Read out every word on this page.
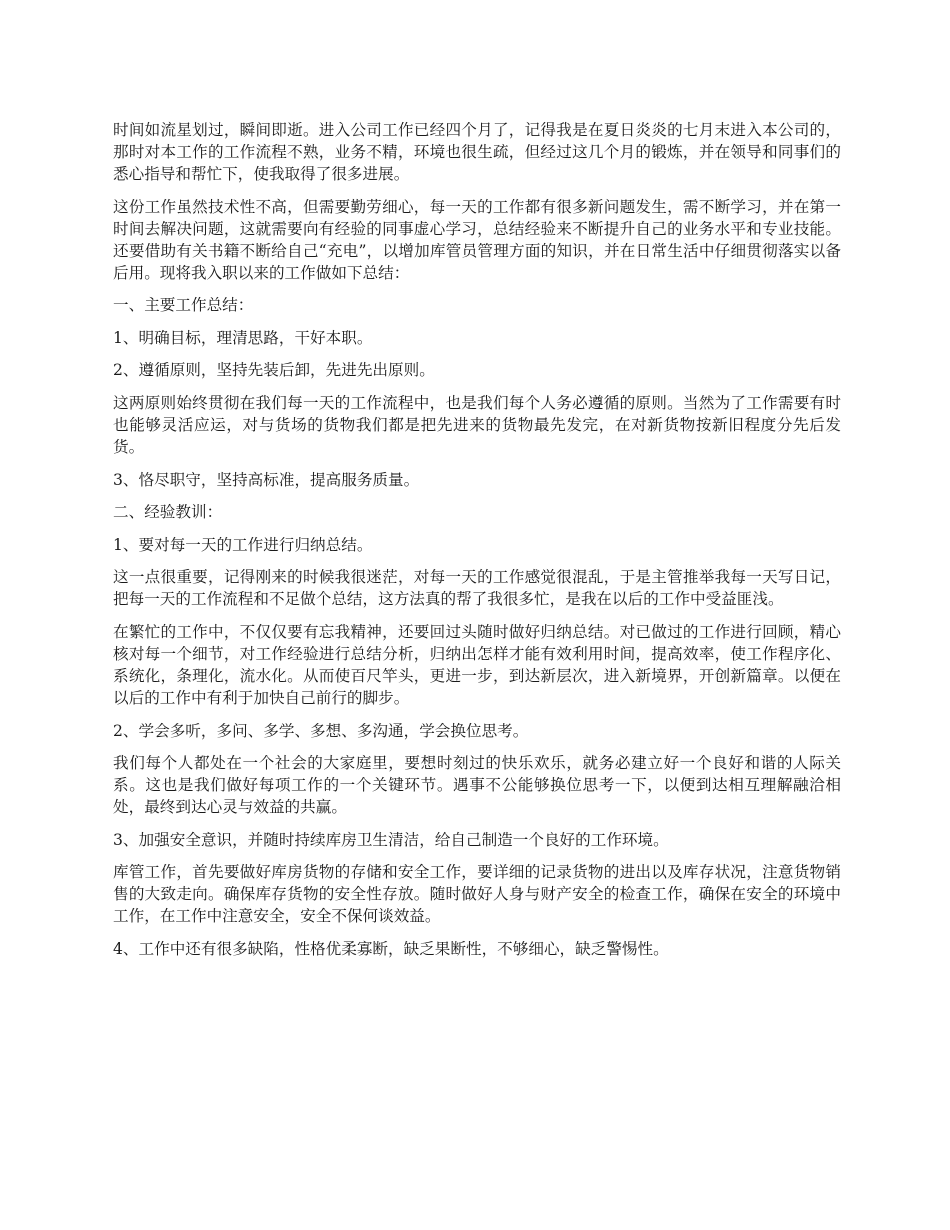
时间如流星划过，瞬间即逝。进入公司工作已经四个月了，记得我是在夏日炎炎的七月末进入本公司的，那时对本工作的工作流程不熟，业务不精，环境也很生疏，但经过这几个月的锻炼，并在领导和同事们的悉心指导和帮忙下，使我取得了很多进展。

这份工作虽然技术性不高，但需要勤劳细心，每一天的工作都有很多新问题发生，需不断学习，并在第一时间去解决问题，这就需要向有经验的同事虚心学习，总结经验来不断提升自己的业务水平和专业技能。还要借助有关书籍不断给自己“充电”，以增加库管员管理方面的知识，并在日常生活中仔细贯彻落实以备后用。现将我入职以来的工作做如下总结：

一、主要工作总结：

1、明确目标，理清思路，干好本职。

2、遵循原则，坚持先装后卸，先进先出原则。

这两原则始终贯彻在我们每一天的工作流程中，也是我们每个人务必遵循的原则。当然为了工作需要有时也能够灵活应运，对与货场的货物我们都是把先进来的货物最先发完，在对新货物按新旧程度分先后发货。

3、恪尽职守，坚持高标准，提高服务质量。

二、经验教训：

1、要对每一天的工作进行归纳总结。

这一点很重要，记得刚来的时候我很迷茫，对每一天的工作感觉很混乱，于是主管推举我每一天写日记，把每一天的工作流程和不足做个总结，这方法真的帮了我很多忙，是我在以后的工作中受益匪浅。

在繁忙的工作中，不仅仅要有忘我精神，还要回过头随时做好归纳总结。对已做过的工作进行回顾，精心核对每一个细节，对工作经验进行总结分析，归纳出怎样才能有效利用时间，提高效率，使工作程序化、系统化，条理化，流水化。从而使百尺竿头，更进一步，到达新层次，进入新境界，开创新篇章。以便在以后的工作中有利于加快自己前行的脚步。

2、学会多听，多问、多学、多想、多沟通，学会换位思考。

我们每个人都处在一个社会的大家庭里，要想时刻过的快乐欢乐，就务必建立好一个良好和谐的人际关系。这也是我们做好每项工作的一个关键环节。遇事不公能够换位思考一下，以便到达相互理解融洽相处，最终到达心灵与效益的共赢。

3、加强安全意识，并随时持续库房卫生清洁，给自己制造一个良好的工作环境。

库管工作，首先要做好库房货物的存储和安全工作，要详细的记录货物的进出以及库存状况，注意货物销售的大致走向。确保库存货物的安全性存放。随时做好人身与财产安全的检查工作，确保在安全的环境中工作，在工作中注意安全，安全不保何谈效益。

4、工作中还有很多缺陷，性格优柔寡断，缺乏果断性，不够细心，缺乏警惕性。
